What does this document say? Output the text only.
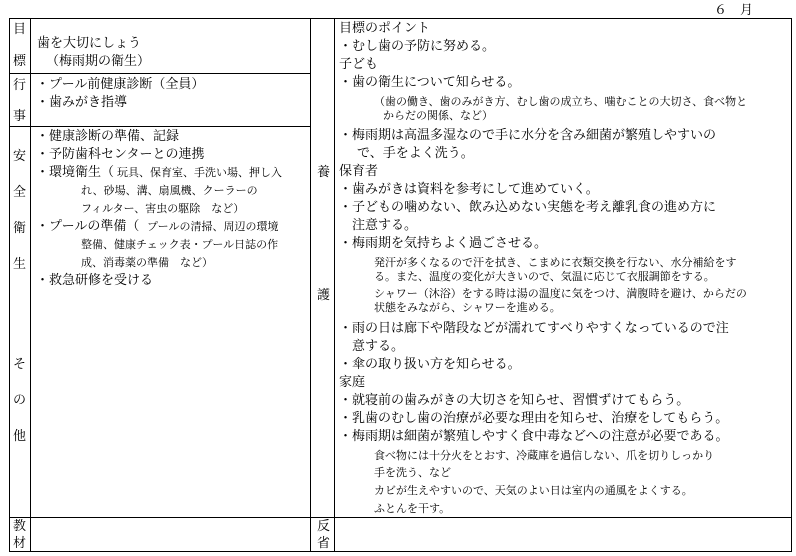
６　月
目
標
歯を大切にしょう
（梅雨期の衛生）
行
事
・プール前健康診断（全員）
・歯みがき指導
安
全
衛
生
そ
の
他
・健康診断の準備、記録
・予防歯科センターとの連携
・環境衛生（ 玩具、保育室、手洗い場、押し入
れ、砂場、溝、扇風機、クーラーの
フィルター、害虫の駆除　など）
・プールの準備（ プールの清掃、周辺の環境
整備、健康チェック表・プール日誌の作
成、消毒薬の準備　など）
・救急研修を受ける
教
材
養
護
反
省
目標のポイント
・むし歯の予防に努める。
子ども
・歯の衛生について知らせる。
（歯の働き、歯のみがき方、むし歯の成立ち、噛むことの大切さ、食べ物と
からだの関係、など）
・梅雨期は高温多湿なので手に水分を含み細菌が繁殖しやすいの
で、手をよく洗う。
保育者
・歯みがきは資料を参考にして進めていく。
・子どもの噛めない、飲み込めない実態を考え離乳食の進め方に
注意する。
・梅雨期を気持ちよく過ごさせる。
発汗が多くなるので汗を拭き、こまめに衣類交換を行ない、水分補給をす
る。また、温度の変化が大きいので、気温に応じて衣服調節をする。
シャワー（沐浴）をする時は湯の温度に気をつけ、満腹時を避け、からだの
状態をみながら、シャワーを進める。
・雨の日は廊下や階段などが濡れてすべりやすくなっているので注
意する。
・傘の取り扱い方を知らせる。
家庭
・就寝前の歯みがきの大切さを知らせ、習慣ずけてもらう。
・乳歯のむし歯の治療が必要な理由を知らせ、治療をしてもらう。
・梅雨期は細菌が繁殖しやすく食中毒などへの注意が必要である。
食べ物には十分火をとおす、冷蔵庫を過信しない、爪を切りしっかり
手を洗う、など
カビが生えやすいので、天気のよい日は室内の通風をよくする。
ふとんを干す。
